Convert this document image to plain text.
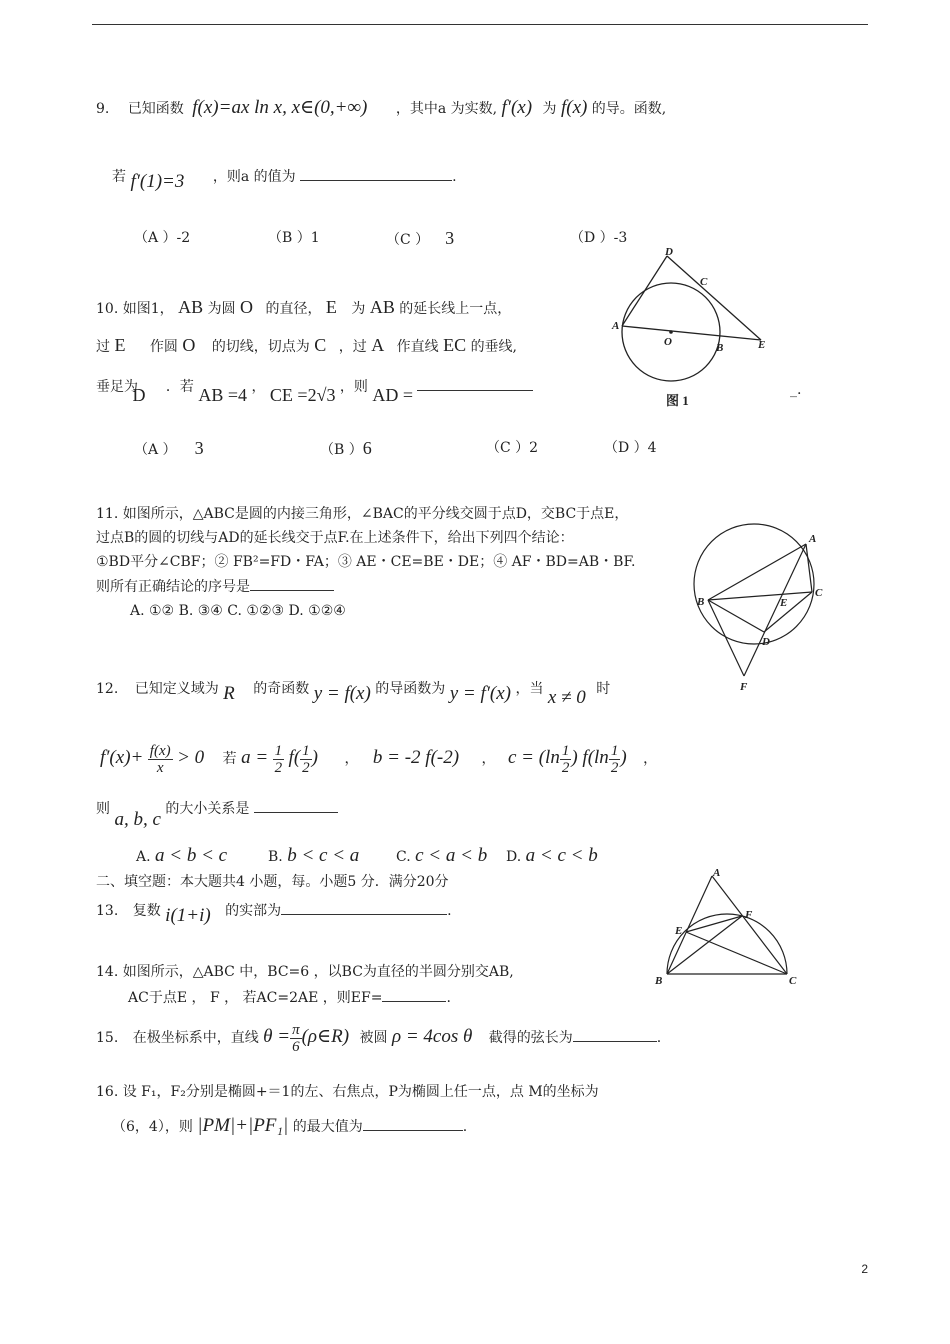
9. 已知函数 f(x)=ax ln x, x∈(0,+∞) ，其中a 为实数, f′(x) 为 f(x) 的导。函数,
若 f′(1)=3 ，则a 的值为	.
（A ）-2	（B ）1	（C ） 3	（D ）-3
10. 如图1， AB 为圆 O 的直径， E 为 AB 的延长线上一点，
过 E 作圆 O 的切线，切点为 C ，过 A 作直线 EC 的垂线,
垂足为 D ．若 AB =4 ， CE =2√3 ，则 AD =	_.
（A ） 3	（B ）6	（C ）2	（D ）4
D
C
A
O	B	E
图 1
11. 如图所示，△ABC是圆的内接三角形，∠BAC的平分线交圆于点D，交BC于点E，
过点B的圆的切线与AD的延长线交于点F.在上述条件下，给出下列四个结论：
①BD平分∠CBF；② FB²=FD・FA；③ AE・CE=BE・DE；④ AF・BD=AB・BF.
则所有正确结论的序号是
A. ①② B. ③④ C. ①②③ D. ①②④
A
B	E
C
D
F
12. 已知定义域为 R 的奇函数 y = f(x) 的导函数为 y = f′(x) ，当 x ≠ 0 时
$f'(x)+ \frac{f(x)}{x} > 0$ 若 $a = \frac{1}{2} f( \frac{1}{2}$ ) ， b = -2 f(-2) ， $c = (\ln \frac{1}{2}$ ) $f(\ln \frac{1}{2}$ ) ，
则 a, b, c 的大小关系是
A. a < b < c	B. b < c < a	C. c < a < b D. a < c < b
二、填空题：本大题共4 小题，每。小题5 分．满分20分
13. 复数 i(1+i) 的实部为	.
A
E
F
B	C
14. 如图所示，△ABC 中，BC=6 ，以BC为直径的半圆分别交AB,
AC于点E ， F ， 若AC=2AE ，则EF=	.
15. 在极坐标系中，直线 $\theta = \frac{\pi}{6}$ (ρ∈R) 被圆 ρ = 4cos θ 截得的弦长为	.
16. 设 F₁，F₂分别是椭圆+＝1的左、右焦点，P为椭圆上任一点，点 M的坐标为
（6，4），则 |PM|+|PF₁| 的最大值为	.
2
